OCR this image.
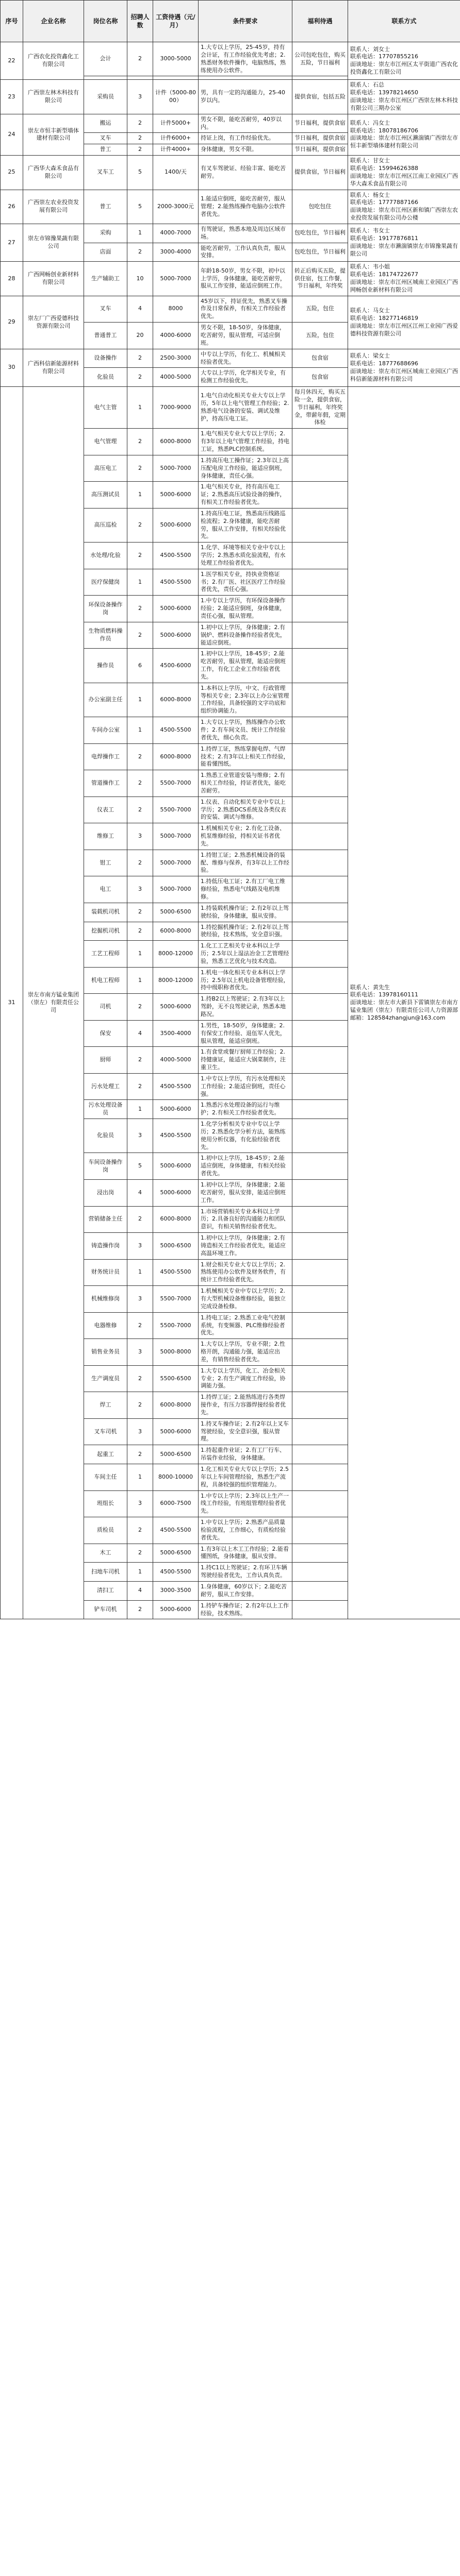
序号	企业名称	岗位名称	招聘人数	工资待遇（元/月）	条件要求	福利待遇	联系方式
22	广西农化投资鑫化工有限公司	会计	2	3000-5000	1.大专以上学历，25-45岁，持有会计证，有工作经验优先考虑；2.熟悉财务软件操作，电脑熟练，熟练使用办公软件。	公司包吃包住，购买五险，节日福利	联系人：刘女士
联系电话：17707855216
面谈地址：崇左市江州区太平街道广西农化投资鑫化工有限公司

23	广西崇左林木科技有限公司	采购员	3	计件（5000-8000）	男，具有一定的沟通能力，25-40岁以内。	提供食宿，包括五险	联系人：石总
联系电话：13978214650
面谈地址：崇左市江州区广西崇左林木科技有限公司三期办公室

24	崇左市恒丰新型墙体建材有限公司	搬运	2	计件5000+	男女不限，能吃苦耐劳，40岁以内。	节日福利，提供食宿	联系人：冯女士
联系电话：18078186706
面谈地址：崇左市江州区濑湍镇广西崇左市恒丰新型墙体建材有限公司

		叉车	2	计件6000+	持证上岗，有工作经验优先。	节日福利，提供食宿	
		普工	2	计件4000+	身体健康，男女不限。	节日福利，提供食宿	
25	广西华大森禾食品有限公司	叉车工	5	1400/天	有叉车驾驶证、经验丰富、能吃苦耐劳。	提供食宿，节日福利	联系人：甘女士
联系电话：15994626388
面谈地址：崇左市江州区江南工业园区广西华大森禾食品有限公司

26	广西崇左农业投资发展有限公司	普工	5	2000-3000元	1.能适应倒班，能吃苦耐劳，服从管理；2.能熟练操作电脑办公软件者优先。	包吃包住	联系人：杨女士
联系电话：17777887166
面谈地址：崇左市江州区新和镇广西崇左农业投资发展有限公司办公楼

27	崇左市锦豫果蔬有限公司	采购	1	4000-7000	有驾驶证，熟悉本地及周边区域市场。	包吃包住，节日福利	联系人：韦女士
联系电话：19177876811
面谈地址：崇左市濑湍镇崇左市锦豫果蔬有限公司

		店面	2	3000-4000	能吃苦耐劳，工作认真负责，服从安排。	包吃包住，节日福利	
28	广西网畅创业新材料有限公司	生产辅助工	10	5000-7000	年龄18-50岁，男女不限，初中以上学历，身体健康，能吃苦耐劳，服从工作安排，能适应倒班工作。	转正后购买五险，提供住宿，包工作餐，节日福利，年终奖	联系人：韦小姐
联系电话：18174722677
面谈地址：崇左市江州区城南工业园区广西网畅创业新材料有限公司

29	崇左厂广西爱德科技资源有限公司	叉车	4	8000	45岁以下，持证优先，熟悉叉车操作及日常保养，有相关工作经验者优先。	五险，包住	联系人：马女士
联系电话：18277146819
面谈地址：崇左市江州区江州工业园广西爱德科技资源有限公司

		普通普工	20	4000-6000	男女不限，18-50岁，身体健康，吃苦耐劳，服从管理，可适应倒班。	五险，包住	
30	广西科信新能源材料有限公司	设备操作	2	2500-3000	中专以上学历，有化工、机械相关经验者优先。	包食宿	联系人：梁女士
联系电话：18777688696
面谈地址：崇左市江州区城南工业园区广西科信新能源材料有限公司

		化验员	2	4000-5000	大专以上学历，化学相关专业，有检测工作经验优先。	包食宿	
31	崇左市南方锰业集团（崇左）有限责任公司	电气主管	1	7000-9000	1.电气自动化相关专业大专以上学历，5年以上电气管理工作经验；2.熟悉电气设备的安装、调试及维护，持高压电工证。	每月休四天，购买五险一金，提供食宿，节日福利，年终奖金，带薪年假，定期体检	联系人：黄先生
联系电话：13978160111
面谈地址：崇左市大新县下雷镇崇左市南方锰业集团（崇左）有限责任公司人力资源部
邮箱：128584zhangjun@163.com

		电气管理	2	6000-8000	1.电气相关专业大专以上学历；2.有3年以上电气管理工作经验，持电工证，熟悉PLC控制系统。		
		高压电工	2	5000-7000	1.持高压电工操作证；2.3年以上高压配电房工作经验，能适应倒班，身体健康，责任心强。		
		高压测试员	1	5000-6000	1.电气相关专业，持有高压电工证；2.熟悉高压试验设备的操作，有相关工作经验者优先。		
		高压巡检	2	5000-6000	1.持高压电工证，熟悉高压线路巡检流程；2.身体健康，能吃苦耐劳，服从工作安排，有相关经验优先。		
		水处理/化验	2	4500-5500	1.化学、环境等相关专业中专以上学历；2.熟悉水质化验流程，有水处理工作经验者优先。		
		医疗保健岗	1	4500-5500	1.医学相关专业，持执业资格证书；2.有厂医、社区医疗工作经验者优先，责任心强。		
		环保设备操作岗	2	5000-6000	1.中专以上学历，有环保设备操作经验；2.能适应倒班，身体健康，责任心强，服从管理。		
		生物质燃料操作员	2	5000-6000	1.初中以上学历，身体健康；2.有锅炉、燃料设备操作经验者优先，能适应倒班。		
		操作员	6	4500-6000	1.初中以上学历，18-45岁；2.能吃苦耐劳，服从管理，能适应倒班工作，有化工企业工作经验者优先。		
		办公室副主任	1	6000-8000	1.本科以上学历，中文、行政管理等相关专业；2.3年以上办公室管理工作经验，具备较强的文字功底和组织协调能力。		
		车间办公室	1	4500-5500	1.大专以上学历，熟练操作办公软件；2.有车间文员、统计工作经验者优先，细心负责。		
		电焊操作工	2	6000-8000	1.持焊工证，熟练掌握电焊、气焊技术；2.有3年以上相关工作经验，能看懂图纸。		
		管道操作工	2	5500-7000	1.熟悉工业管道安装与维修；2.有相关工作经验，持证者优先，能吃苦耐劳。		
		仪表工	2	5500-7000	1.仪表、自动化相关专业中专以上学历；2.熟悉DCS系统及各类仪表的安装、调试与维修。		
		维修工	3	5000-7000	1.机械相关专业；2.有化工设备、机泵维修经验，持相关证书者优先。		
		钳工	2	5000-7000	1.持钳工证；2.熟悉机械设备的装配、维修与保养，有3年以上工作经验。		
		电工	3	5000-7000	1.持低压电工证；2.有工厂电工维修经验，熟悉电气线路及电机维修。		
		装载机司机	2	5000-6500	1.持装载机操作证；2.有2年以上驾驶经验，身体健康，服从安排。		
		挖掘机司机	2	6000-8000	1.持挖掘机操作证；2.有2年以上驾驶经验，技术熟练，安全意识强。		
		工艺工程师	1	8000-12000	1.化工工艺相关专业本科以上学历；2.5年以上湿法冶金工艺管理经验，熟悉工艺优化与技术改造。		
		机电工程师	1	8000-12000	1.机电一体化相关专业本科以上学历；2.5年以上机电设备管理经验，持中级职称者优先。		
		司机	2	5000-6000	1.持B2以上驾驶证；2.有3年以上驾龄，无不良驾驶记录，熟悉本地路况。		
		保安	4	3500-4000	1.男性，18-50岁，身体健康；2.有保安工作经验、退伍军人优先，服从管理，能适应倒班。		
		厨师	2	4000-5000	1.有食堂或餐厅厨师工作经验；2.持健康证，能适应大锅菜制作，注重卫生。		
		污水处理工	2	4500-5500	1.中专以上学历，有污水处理相关工作经验；2.能适应倒班，责任心强。		
		污水处理设备员	1	5000-6000	1.熟悉污水处理设备的运行与维护；2.有相关工作经验者优先。		
		化验员	3	4500-5500	1.化学分析相关专业中专以上学历；2.熟悉化学分析方法，能熟练使用分析仪器，有化验经验者优先。		
		车间设备操作岗	5	5000-6000	1.初中以上学历，18-45岁；2.能适应倒班，身体健康，有相关经验者优先。		
		浸出岗	4	5000-6000	1.初中以上学历，身体健康；2.能吃苦耐劳，服从安排，能适应倒班工作。		
		营销储备主任	2	6000-8000	1.市场营销相关专业本科以上学历；2.具备良好的沟通能力和团队意识，有相关销售经验者优先。		
		铸造操作岗	3	5000-6500	1.初中以上学历，身体健康；2.有铸造相关工作经验者优先，能适应高温环境工作。		
		财务统计员	1	4500-5500	1.财会相关专业大专以上学历；2.熟练使用办公软件及财务软件，有统计工作经验者优先。		
		机械维修岗	3	5500-7000	1.机械相关专业中专以上学历；2.有大型机械设备维修经验，能独立完成设备检修。		
		电器维修	2	5500-7000	1.持电工证；2.熟悉工业电气控制系统，有变频器、PLC维修经验者优先。		
		销售业务员	3	5000-8000	1.大专以上学历，专业不限；2.性格开朗，沟通能力强，能适应出差，有销售经验者优先。		
		生产调度员	2	5500-6500	1.大专以上学历，化工、冶金相关专业；2.有生产调度工作经验，协调能力强。		
		焊工	2	6000-8000	1.持焊工证；2.能熟练进行各类焊接作业，有压力容器焊接经验者优先。		
		叉车司机	3	5000-6000	1.持叉车操作证；2.有2年以上叉车驾驶经验，安全意识强，服从管理。		
		起重工	2	5000-6500	1.持起重作业证；2.有工厂行车、吊装作业经验，身体健康。		
		车间主任	1	8000-10000	1.化工相关专业大专以上学历；2.5年以上车间管理经验，熟悉生产流程，具备较强的组织管理能力。		
		班组长	3	6000-7500	1.中专以上学历；2.3年以上生产一线工作经验，有班组管理经验者优先。		
		质检员	2	4500-5500	1.中专以上学历；2.熟悉产品质量检验流程，工作细心，有质检经验者优先。		
		木工	2	5000-6500	1.有3年以上木工工作经验；2.能看懂图纸，身体健康，服从安排。		
		扫地车司机	1	4500-5500	1.持C1以上驾驶证；2.有环卫车辆驾驶经验者优先，工作认真负责。		
		清扫工	4	3000-3500	1.身体健康，60岁以下；2.能吃苦耐劳，服从工作安排。		
		铲车司机	2	5000-6000	1.持铲车操作证；2.有2年以上工作经验，技术熟练。		
